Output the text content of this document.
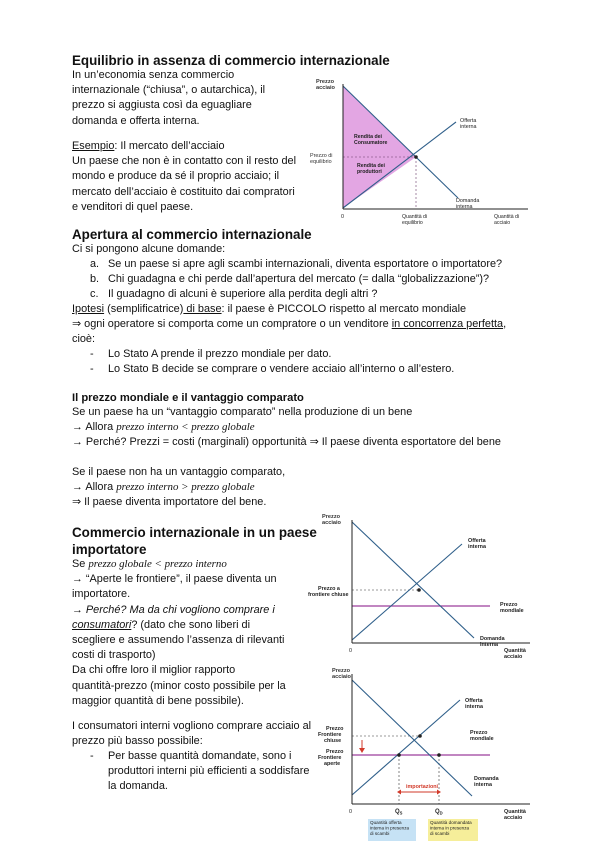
Equilibrio in assenza di commercio internazionale
In un’economia senza commercio
internazionale (“chiusa”, o autarchica), il
prezzo si aggiusta così da eguagliare
domanda e offerta interna.
Esempio: Il mercato dell’acciaio
Un paese che non è in contatto con il resto del
mondo e produce da sé il proprio acciaio; il
mercato dell’acciaio è costituito dai compratori
e venditori di quel paese.
Prezzo acciaio
Prezzo di equilibrio
Rendita dei Consumatore
Rendita dei produttori
Offerta interna
Domanda interna
0	Quantità di equilibrio
Quantità di acciaio
Apertura al commercio internazionale
Ci si pongono alcune domande:
a. Se un paese si apre agli scambi internazionali, diventa esportatore o importatore?
b. Chi guadagna e chi perde dall’apertura del mercato (= dalla “globalizzazione”)?
c. Il guadagno di alcuni è superiore alla perdita degli altri ?
Ipotesi (semplificatrice) di base: il paese è PICCOLO rispetto al mercato mondiale
⇒ ogni operatore si comporta come un compratore o un venditore in concorrenza perfetta,
cioè:
- Lo Stato A prende il prezzo mondiale per dato.
- Lo Stato B decide se comprare o vendere acciaio all’interno o all’estero.
Il prezzo mondiale e il vantaggio comparato
Se un paese ha un “vantaggio comparato” nella produzione di un bene
→ Allora prezzo interno < prezzo globale
→ Perché? Prezzi = costi (marginali) opportunità ⇒ Il paese diventa esportatore del bene
Se il paese non ha un vantaggio comparato,
→ Allora prezzo interno > prezzo globale
⇒ Il paese diventa importatore del bene.
Commercio internazionale in un paese
importatore
Se prezzo globale < prezzo interno
→ “Aperte le frontiere”, il paese diventa un
importatore.
→ Perché? Ma da chi vogliono comprare i
consumatori? (dato che sono liberi di
scegliere e assumendo l’assenza di rilevanti
costi di trasporto)
Da chi offre loro il miglior rapporto
quantità-prezzo (minor costo possibile per la
maggior quantità di bene possibile).
I consumatori interni vogliono comprare acciaio al
prezzo più basso possibile:
- Per basse quantità domandate, sono i
produttori interni più efficienti a soddisfare
la domanda.
Prezzo acciaio
Prezzo a frontiere chiuse
Prezzo mondiale
Offerta interna
Domanda interna
0	Quantità acciaio
Prezzo acciaio
Prezzo Frontiere chiuse
Prezzo Frontiere aperte
Prezzo mondiale
Offerta interna
Domanda interna
importazioni
0	$Q_S$	$Q_D$	Quantità acciaio
Quantità offerta interna in presenza di scambi
Quantità domandata interna in presenza di scambi
